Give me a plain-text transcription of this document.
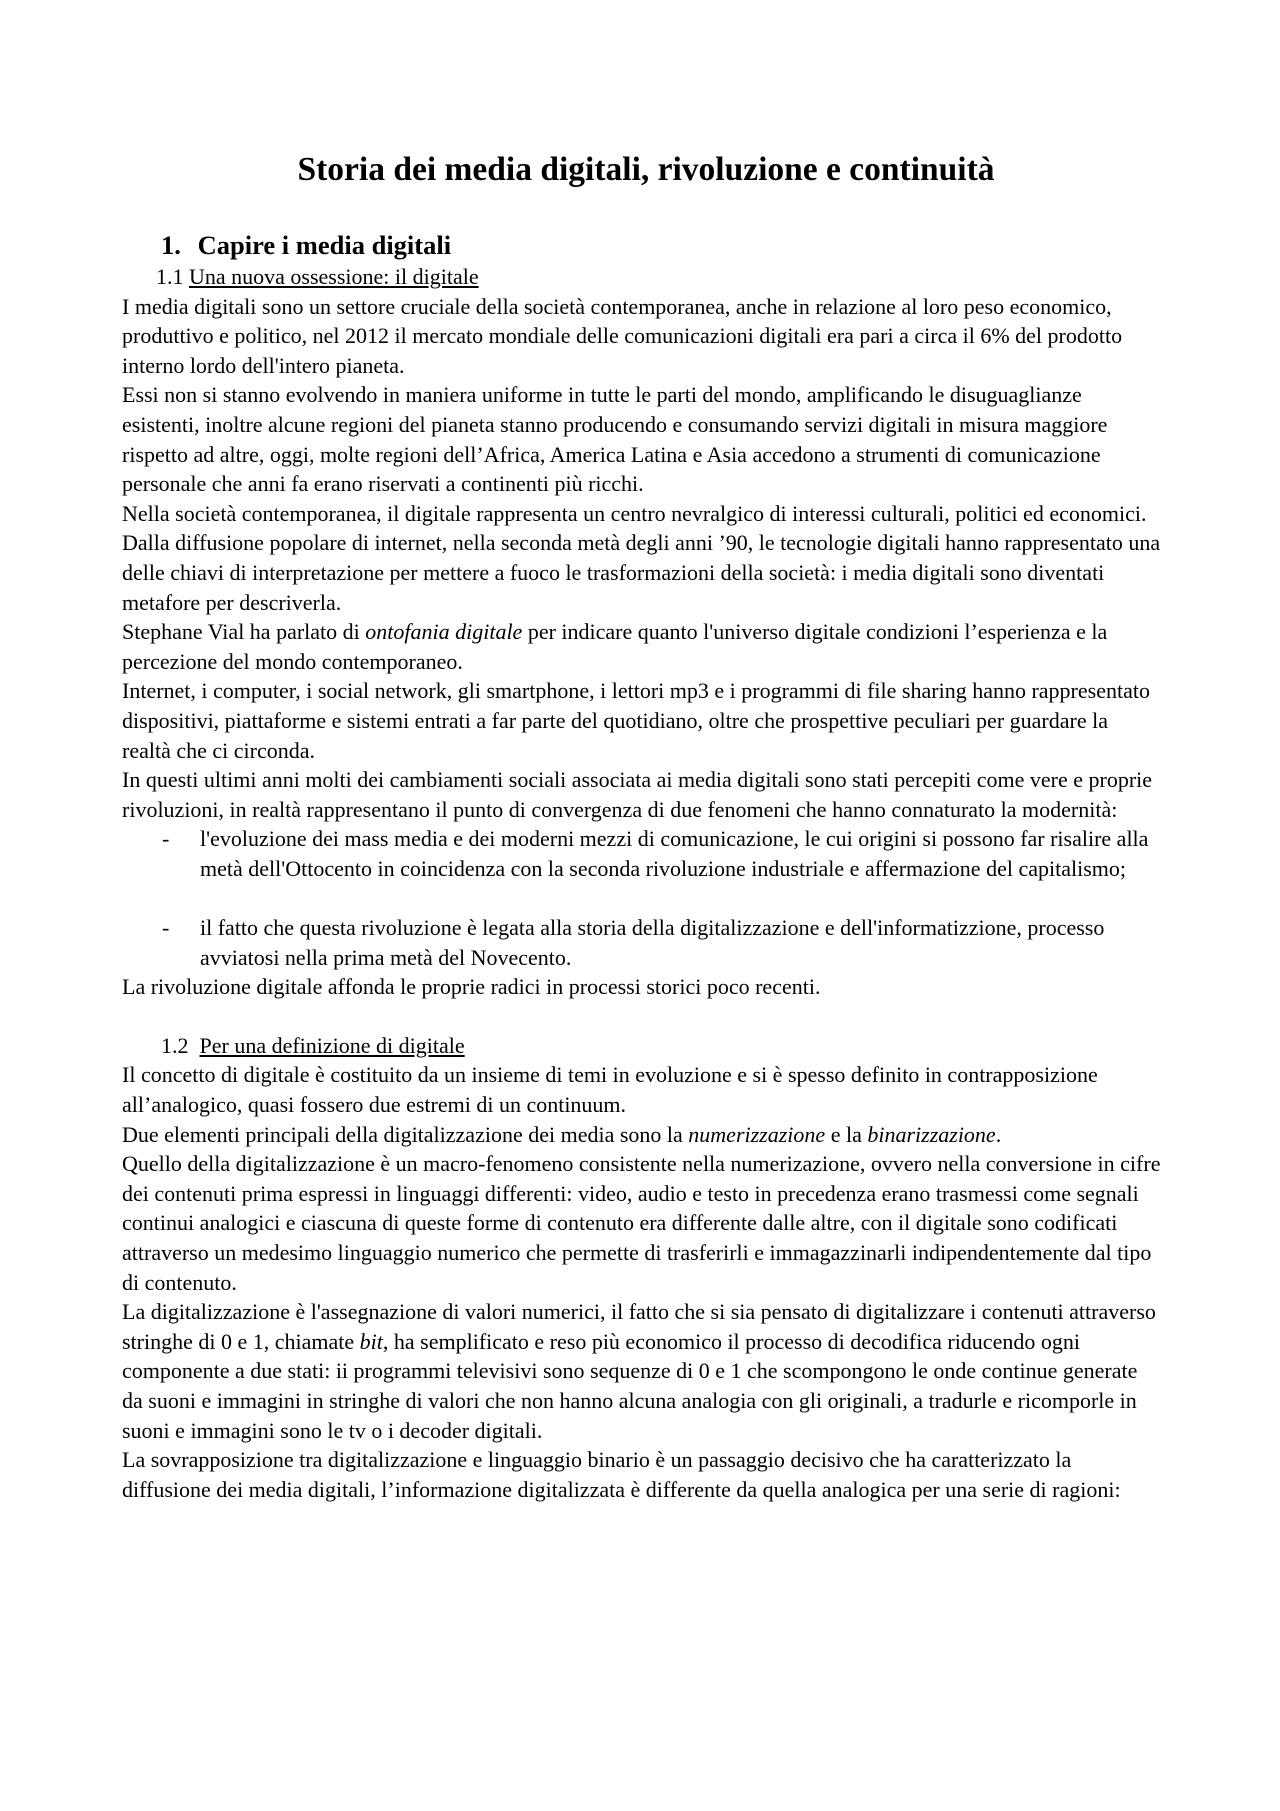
Storia dei media digitali, rivoluzione e continuità
1. Capire i media digitali
1.1 Una nuova ossessione: il digitale

I media digitali sono un settore cruciale della società contemporanea, anche in relazione al loro peso economico, produttivo e politico, nel 2012 il mercato mondiale delle comunicazioni digitali era pari a circa il 6% del prodotto interno lordo dell'intero pianeta.

Essi non si stanno evolvendo in maniera uniforme in tutte le parti del mondo, amplificando le disuguaglianze esistenti, inoltre alcune regioni del pianeta stanno producendo e consumando servizi digitali in misura maggiore rispetto ad altre, oggi, molte regioni dell’Africa, America Latina e Asia accedono a strumenti di comunicazione personale che anni fa erano riservati a continenti più ricchi.

Nella società contemporanea, il digitale rappresenta un centro nevralgico di interessi culturali, politici ed economici.

Dalla diffusione popolare di internet, nella seconda metà degli anni ’90, le tecnologie digitali hanno rappresentato una delle chiavi di interpretazione per mettere a fuoco le trasformazioni della società: i media digitali sono diventati metafore per descriverla.

Stephane Vial ha parlato di ontofania digitale per indicare quanto l'universo digitale condizioni l’esperienza e la percezione del mondo contemporaneo.

Internet, i computer, i social network, gli smartphone, i lettori mp3 e i programmi di file sharing hanno rappresentato dispositivi, piattaforme e sistemi entrati a far parte del quotidiano, oltre che prospettive peculiari per guardare la realtà che ci circonda.

In questi ultimi anni molti dei cambiamenti sociali associata ai media digitali sono stati percepiti come vere e proprie rivoluzioni, in realtà rappresentano il punto di convergenza di due fenomeni che hanno connaturato la modernità:

- l'evoluzione dei mass media e dei moderni mezzi di comunicazione, le cui origini si possono far risalire alla metà dell'Ottocento in coincidenza con la seconda rivoluzione industriale e affermazione del capitalismo;
- il fatto che questa rivoluzione è legata alla storia della digitalizzazione e dell'informatizzione, processo avviatosi nella prima metà del Novecento.

La rivoluzione digitale affonda le proprie radici in processi storici poco recenti.

1.2 Per una definizione di digitale

Il concetto di digitale è costituito da un insieme di temi in evoluzione e si è spesso definito in contrapposizione all’analogico, quasi fossero due estremi di un continuum.

Due elementi principali della digitalizzazione dei media sono la numerizzazione e la binarizzazione.

Quello della digitalizzazione è un macro-fenomeno consistente nella numerizazione, ovvero nella conversione in cifre dei contenuti prima espressi in linguaggi differenti: video, audio e testo in precedenza erano trasmessi come segnali continui analogici e ciascuna di queste forme di contenuto era differente dalle altre, con il digitale sono codificati attraverso un medesimo linguaggio numerico che permette di trasferirli e immagazzinarli indipendentemente dal tipo di contenuto.

La digitalizzazione è l'assegnazione di valori numerici, il fatto che si sia pensato di digitalizzare i contenuti attraverso stringhe di 0 e 1, chiamate bit, ha semplificato e reso più economico il processo di decodifica riducendo ogni componente a due stati: ii programmi televisivi sono sequenze di 0 e 1 che scompongono le onde continue generate da suoni e immagini in stringhe di valori che non hanno alcuna analogia con gli originali, a tradurle e ricomporle in suoni e immagini sono le tv o i decoder digitali.

La sovrapposizione tra digitalizzazione e linguaggio binario è un passaggio decisivo che ha caratterizzato la diffusione dei media digitali, l’informazione digitalizzata è differente da quella analogica per una serie di ragioni:
